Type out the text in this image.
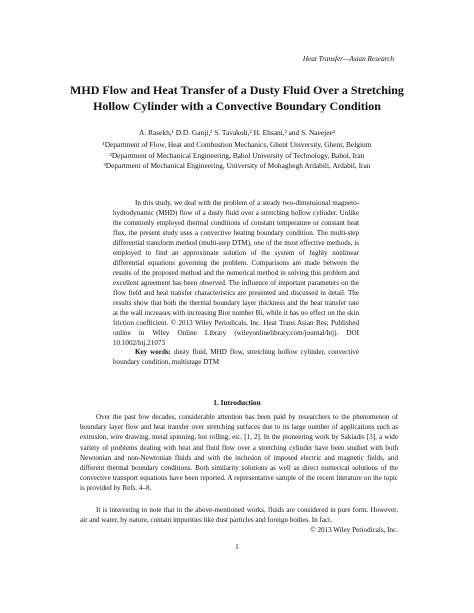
Heat Transfer—Asian Research
MHD Flow and Heat Transfer of a Dusty Fluid Over a Stretching Hollow Cylinder with a Convective Boundary Condition
A. Rasekh,¹ D.D. Ganji,² S. Tavakoli,² H. Ehsani,² and S. Naeejee³
¹Department of Flow, Heat and Combustion Mechanics, Ghent University, Ghent, Belgium
²Department of Mechanical Engineering, Babol University of Technology, Babol, Iran
³Department of Mechanical Engineering, University of Mohaghegh Ardabili, Ardabil, Iran
In this study, we deal with the problem of a steady two-dimensional magneto-hydrodynamic (MHD) flow of a dusty fluid over a stretching hollow cylinder. Unlike the commonly employed thermal conditions of constant temperature or constant heat flux, the present study uses a convective heating boundary condition. The multi-step differential transform method (multi-step DTM), one of the most effective methods, is employed to find an approximate solution of the system of highly nonlinear differential equations governing the problem. Comparisons are made between the results of the proposed method and the numerical method in solving this problem and excellent agreement has been observed. The influence of important parameters on the flow field and heat transfer characteristics are presented and discussed in detail. The results show that both the thermal boundary layer thickness and the heat transfer rate at the wall increases with increasing Biot number Bi, while it has no effect on the skin friction coefficient. © 2013 Wiley Periodicals, Inc. Heat Trans Asian Res; Published online in Wiley Online Library (wileyonlinelibrary.com/journal/htj). DOI 10.1002/htj.21073
Key words: dusty fluid, MHD flow, stretching hollow cylinder, convective boundary condition, multistage DTM
1. Introduction
Over the past few decades, considerable attention has been paid by researchers to the phenomenon of boundary layer flow and heat transfer over stretching surfaces due to its large number of applications such as extrusion, wire drawing, metal spinning, hot rolling, etc. [1, 2]. In the pioneering work by Sakiadis [3], a wide variety of problems dealing with heat and fluid flow over a stretching cylinder have been studied with both Newtonian and non-Newtonian fluids and with the inclusion of imposed electric and magnetic fields, and different thermal boundary conditions. Both similarity solutions as well as direct numerical solutions of the convective transport equations have been reported. A representative sample of the recent literature on the topic is provided by Refs. 4–8.
It is interesting to note that in the above-mentioned works, fluids are considered in pure form. However, air and water, by nature, contain impurities like dust particles and foreign bodies. In fact,
© 2013 Wiley Periodicals, Inc.
1
